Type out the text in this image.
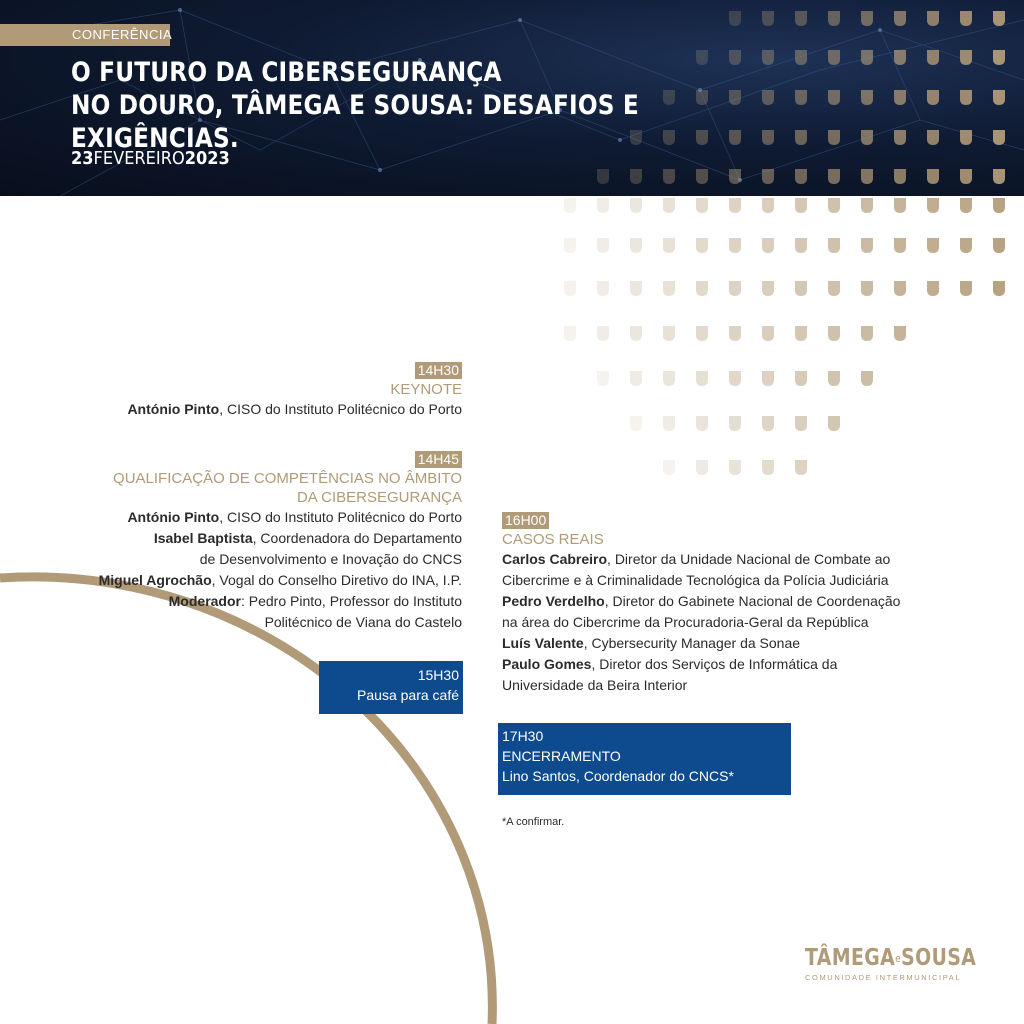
CONFERÊNCIA
O FUTURO DA CIBERSEGURANÇA
NO DOURO, TÂMEGA E SOUSA: DESAFIOS E EXIGÊNCIAS.
23FEVEREIRO2023
14H30
KEYNOTE
António Pinto, CISO do Instituto Politécnico do Porto
14H45
QUALIFICAÇÃO DE COMPETÊNCIAS NO ÂMBITO
DA CIBERSEGURANÇA
António Pinto, CISO do Instituto Politécnico do Porto
Isabel Baptista, Coordenadora do Departamento
de Desenvolvimento e Inovação do CNCS
Miguel Agrochão, Vogal do Conselho Diretivo do INA, I.P.
Moderador: Pedro Pinto, Professor do Instituto
Politécnico de Viana do Castelo
15H30
Pausa para café
16H00
CASOS REAIS
Carlos Cabreiro, Diretor da Unidade Nacional de Combate ao
Cibercrime e à Criminalidade Tecnológica da Polícia Judiciária
Pedro Verdelho, Diretor do Gabinete Nacional de Coordenação
na área do Cibercrime da Procuradoria-Geral da República
Luís Valente, Cybersecurity Manager da Sonae
Paulo Gomes, Diretor dos Serviços de Informática da
Universidade da Beira Interior
17H30
ENCERRAMENTO
Lino Santos, Coordenador do CNCS*
*A confirmar.
TÂMEGAeSOUSA
COMUNIDADE INTERMUNICIPAL
